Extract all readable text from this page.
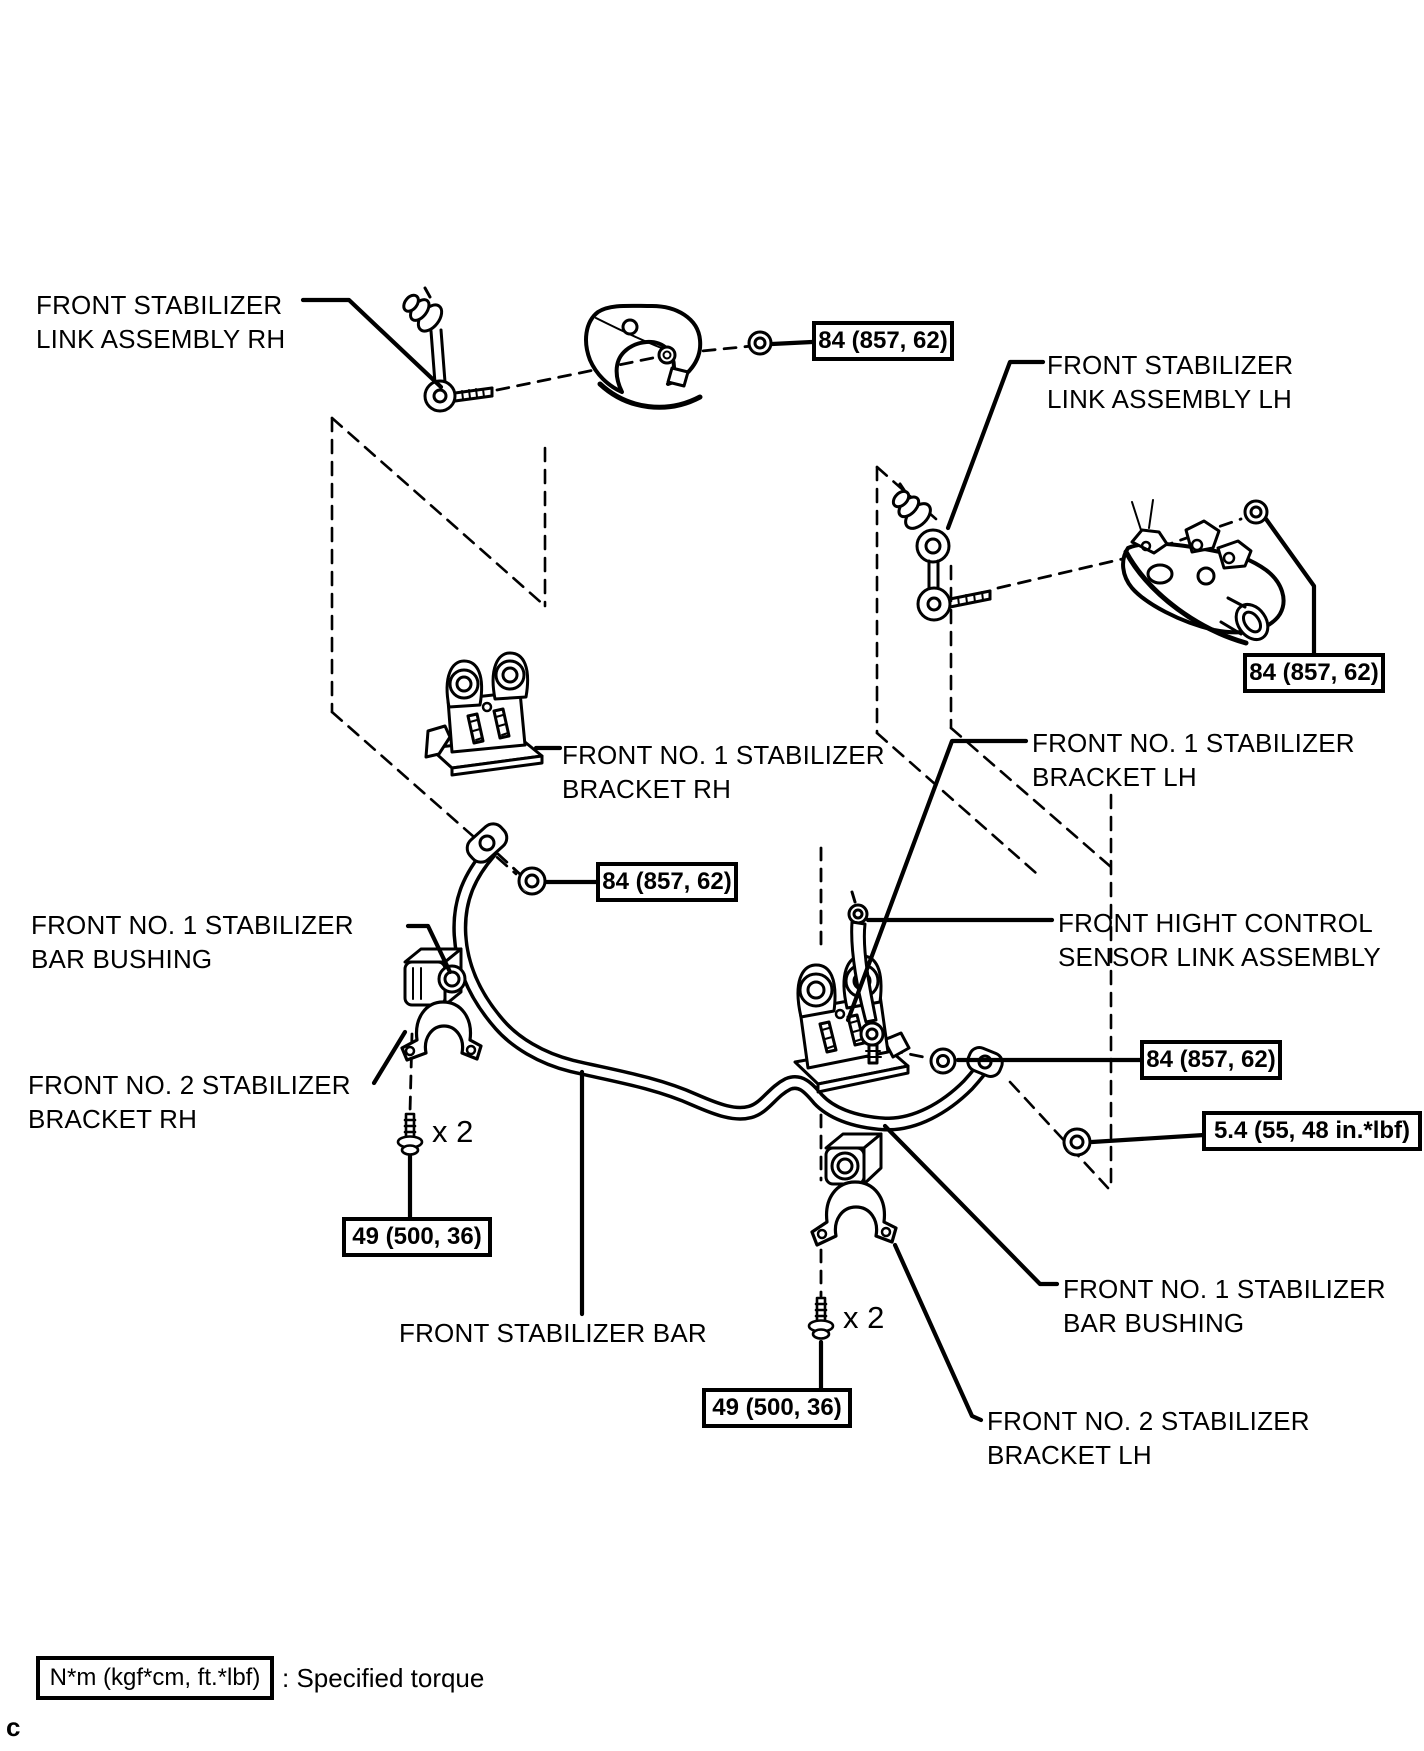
FRONT STABILIZER
LINK ASSEMBLY RH
FRONT STABILIZER
LINK ASSEMBLY LH
FRONT NO. 1 STABILIZER
BRACKET RH
FRONT NO. 1 STABILIZER
BRACKET LH
FRONT NO. 1 STABILIZER
BAR BUSHING
FRONT HIGHT CONTROL
SENSOR LINK ASSEMBLY
FRONT NO. 2 STABILIZER
BRACKET RH
FRONT STABILIZER BAR
FRONT NO. 1 STABILIZER
BAR BUSHING
FRONT NO. 2 STABILIZER
BRACKET LH
84 (857, 62)
84 (857, 62)
84 (857, 62)
84 (857, 62)
5.4 (55, 48 in.*lbf)
49 (500, 36)
49 (500, 36)
x 2
x 2
N*m (kgf*cm, ft.*lbf) : Specified torque
c
